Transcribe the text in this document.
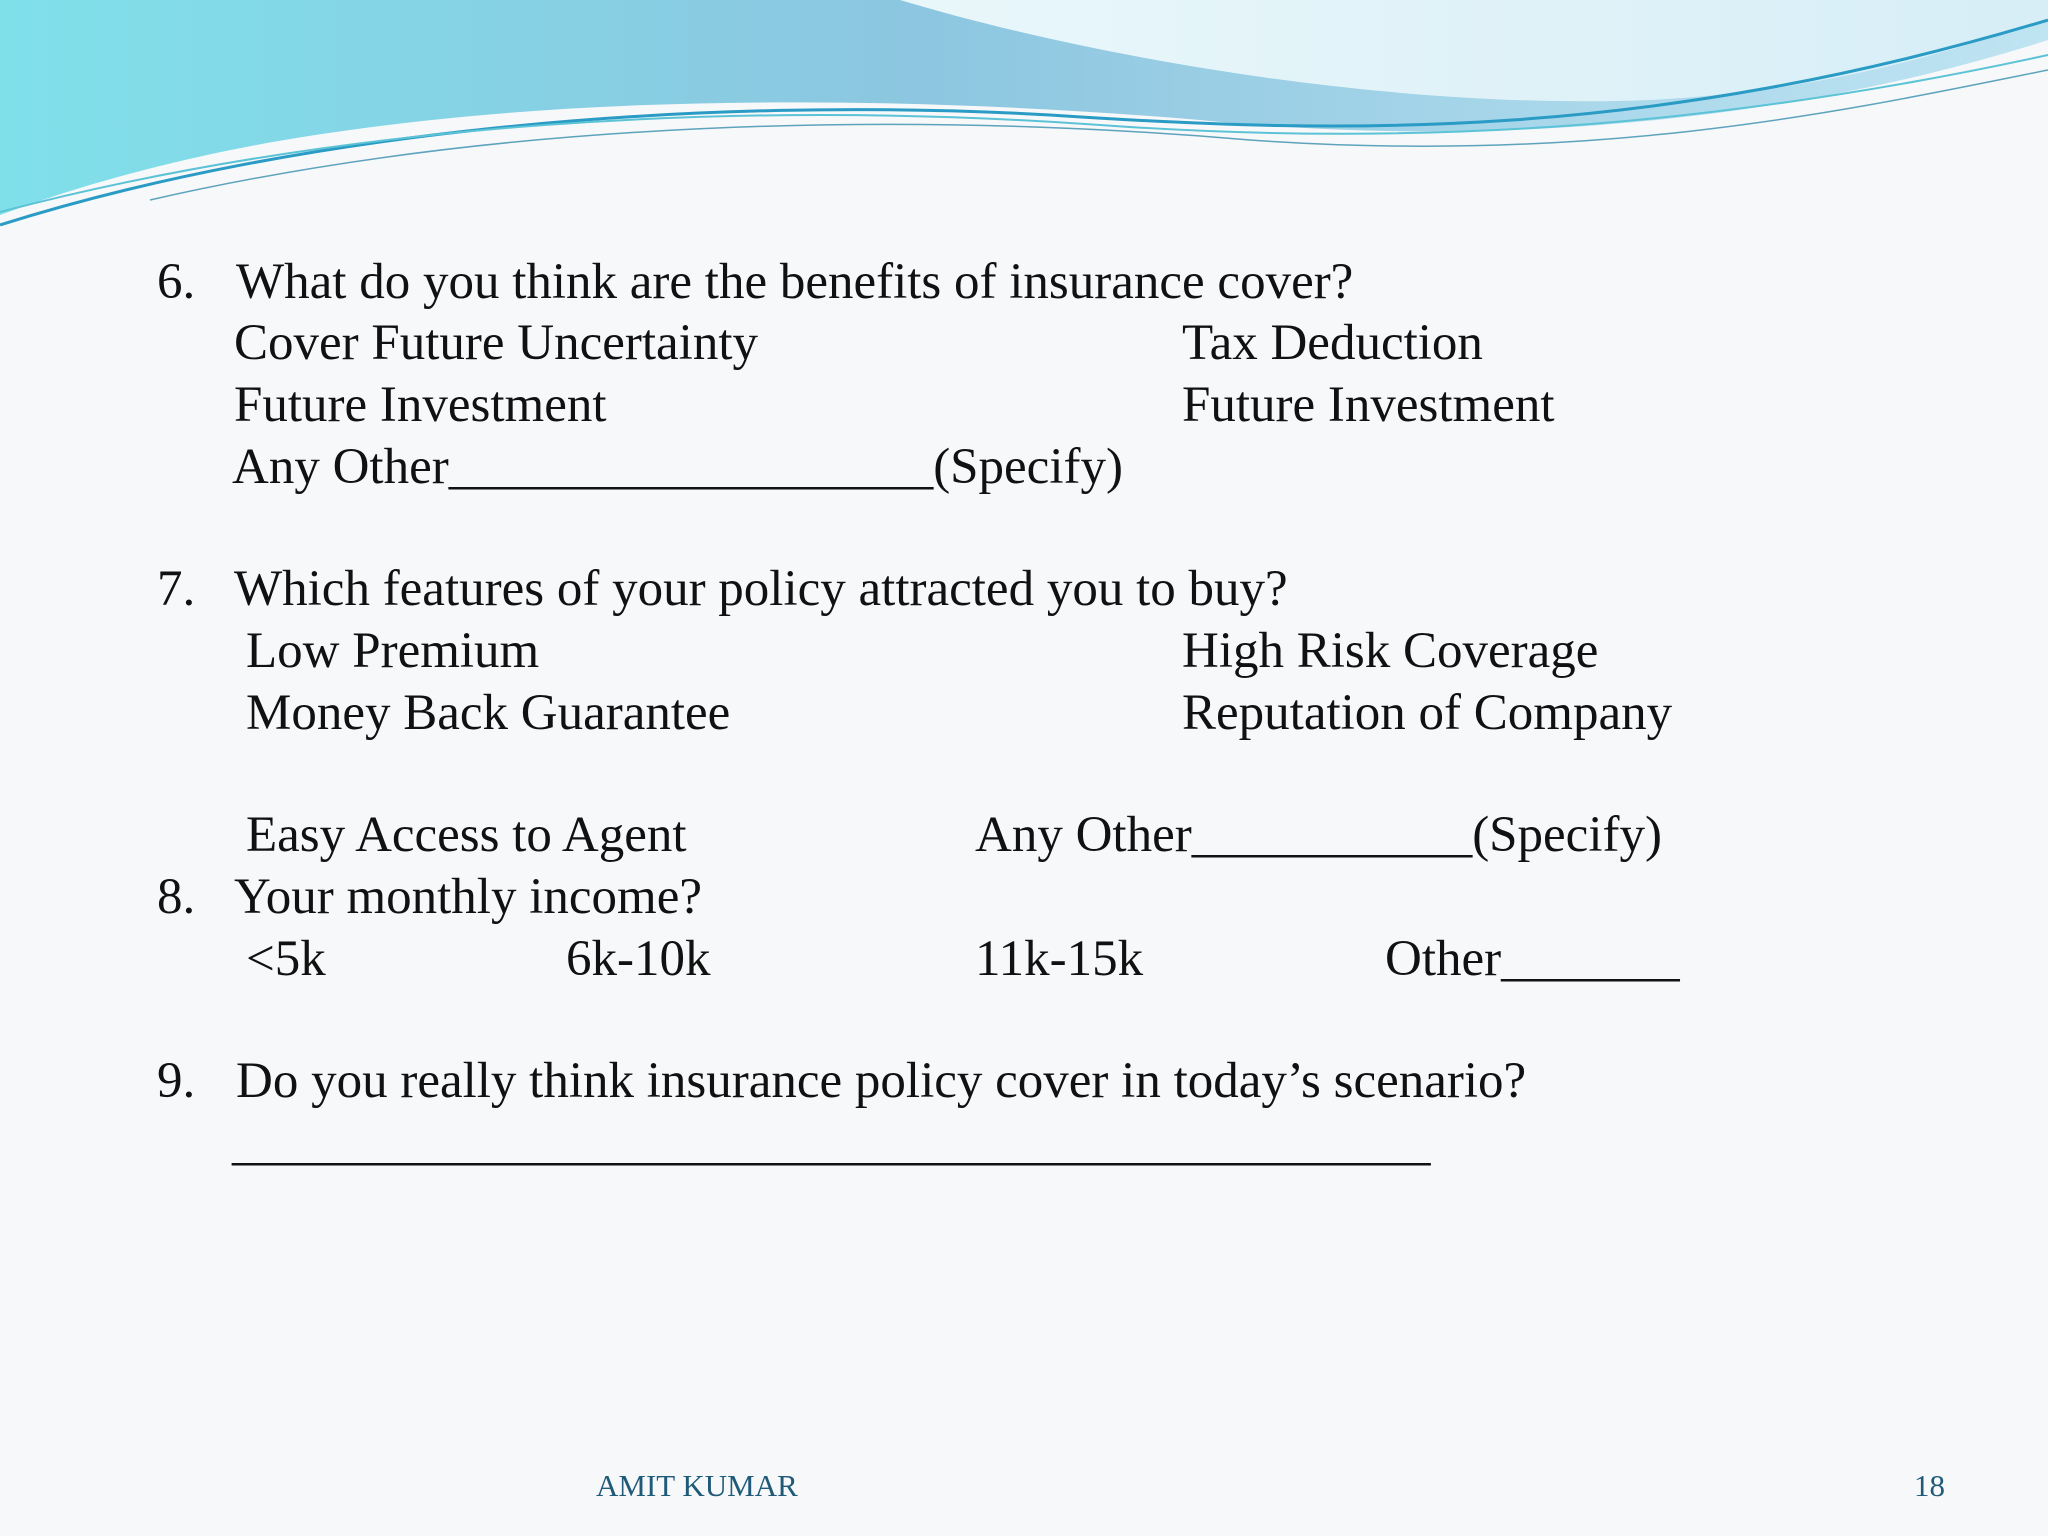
6. What do you think are the benefits of insurance cover?
Cover Future Uncertainty	Tax Deduction
Future Investment	Future Investment
Any Other___________________(Specify)
7. Which features of your policy attracted you to buy?
Low Premium	High Risk Coverage
Money Back Guarantee	Reputation of Company
Easy Access to Agent	Any Other___________(Specify)
8. Your monthly income?
<5k	6k-10k	11k-15k	Other_______
9. Do you really think insurance policy cover in today’s scenario?
_______________________________________________
AMIT KUMAR	18
